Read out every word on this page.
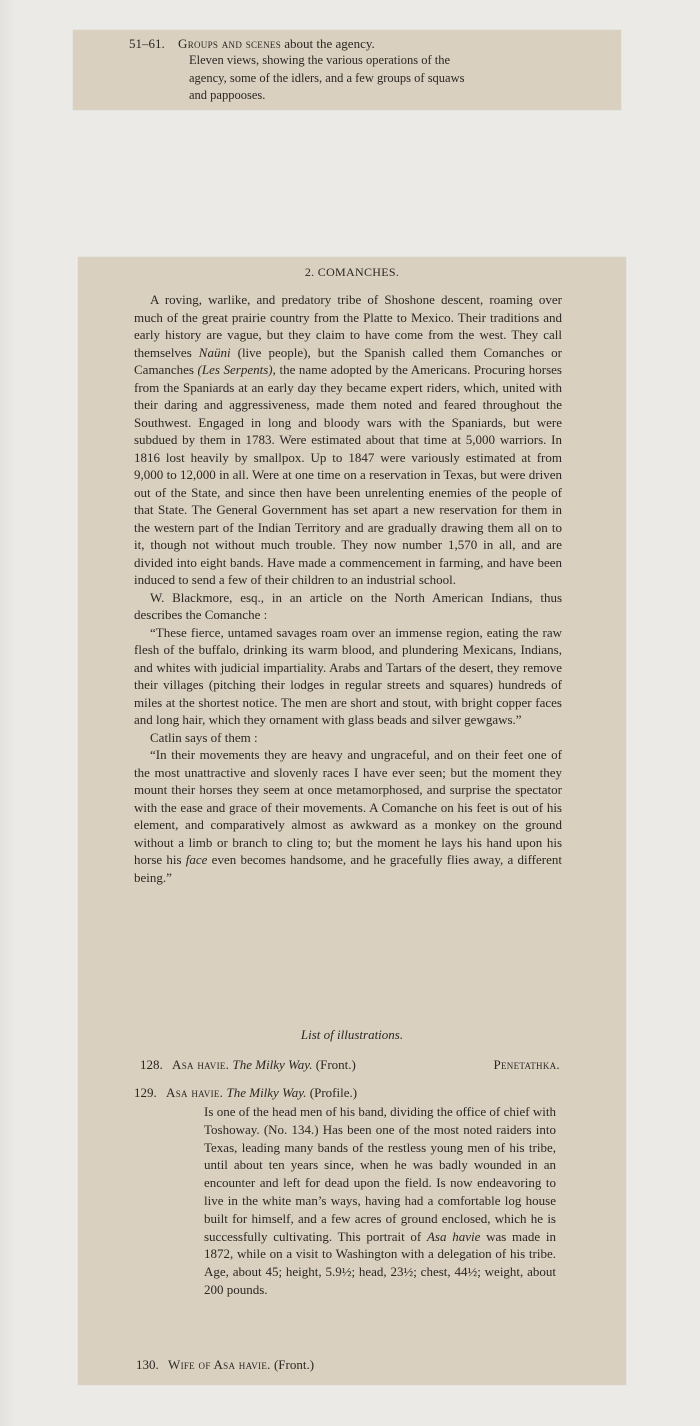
51–61. Groups and scenes about the agency.
Eleven views, showing the various operations of the
agency, some of the idlers, and a few groups of squaws
and pappooses.
2. COMANCHES.

A roving, warlike, and predatory tribe of Shoshone descent, roaming over much of the great prairie country from the Platte to Mexico. Their traditions and early history are vague, but they claim to have come from the west. They call themselves Naüni (live people), but the Spanish called them Comanches or Camanches (Les Serpents), the name adopted by the Americans. Procuring horses from the Spaniards at an early day they became expert riders, which, united with their daring and aggressiveness, made them noted and feared throughout the Southwest. Engaged in long and bloody wars with the Spaniards, but were subdued by them in 1783. Were estimated about that time at 5,000 warriors. In 1816 lost heavily by smallpox. Up to 1847 were variously estimated at from 9,000 to 12,000 in all. Were at one time on a reservation in Texas, but were driven out of the State, and since then have been unrelenting enemies of the people of that State. The General Government has set apart a new reservation for them in the western part of the Indian Territory and are gradually drawing them all on to it, though not without much trouble. They now number 1,570 in all, and are divided into eight bands. Have made a commencement in farming, and have been induced to send a few of their children to an industrial school.

W. Blackmore, esq., in an article on the North American Indians, thus describes the Comanche :

“These fierce, untamed savages roam over an immense region, eating the raw flesh of the buffalo, drinking its warm blood, and plundering Mexicans, Indians, and whites with judicial impartiality. Arabs and Tartars of the desert, they remove their villages (pitching their lodges in regular streets and squares) hundreds of miles at the shortest notice. The men are short and stout, with bright copper faces and long hair, which they ornament with glass beads and silver gewgaws.”

Catlin says of them :

“In their movements they are heavy and ungraceful, and on their feet one of the most unattractive and slovenly races I have ever seen; but the moment they mount their horses they seem at once metamorphosed, and surprise the spectator with the ease and grace of their movements. A Comanche on his feet is out of his element, and comparatively almost as awkward as a monkey on the ground without a limb or branch to cling to; but the moment he lays his hand upon his horse his face even becomes handsome, and he gracefully flies away, a different being.”

List of illustrations.
128. Asa havie. The Milky Way. (Front.)	Penetathka.
129. Asa havie. The Milky Way. (Profile.)
Is one of the head men of his band, dividing the office of chief with Toshoway. (No. 134.) Has been one of the most noted raiders into Texas, leading many bands of the restless young men of his tribe, until about ten years since, when he was badly wounded in an encounter and left for dead upon the field. Is now endeavoring to live in the white man’s ways, having had a comfortable log house built for himself, and a few acres of ground enclosed, which he is successfully cultivating. This portrait of Asa havie was made in 1872, while on a visit to Washington with a delegation of his tribe. Age, about 45; height, 5.9½; head, 23½; chest, 44½; weight, about 200 pounds.
130. Wife of Asa havie. (Front.)
